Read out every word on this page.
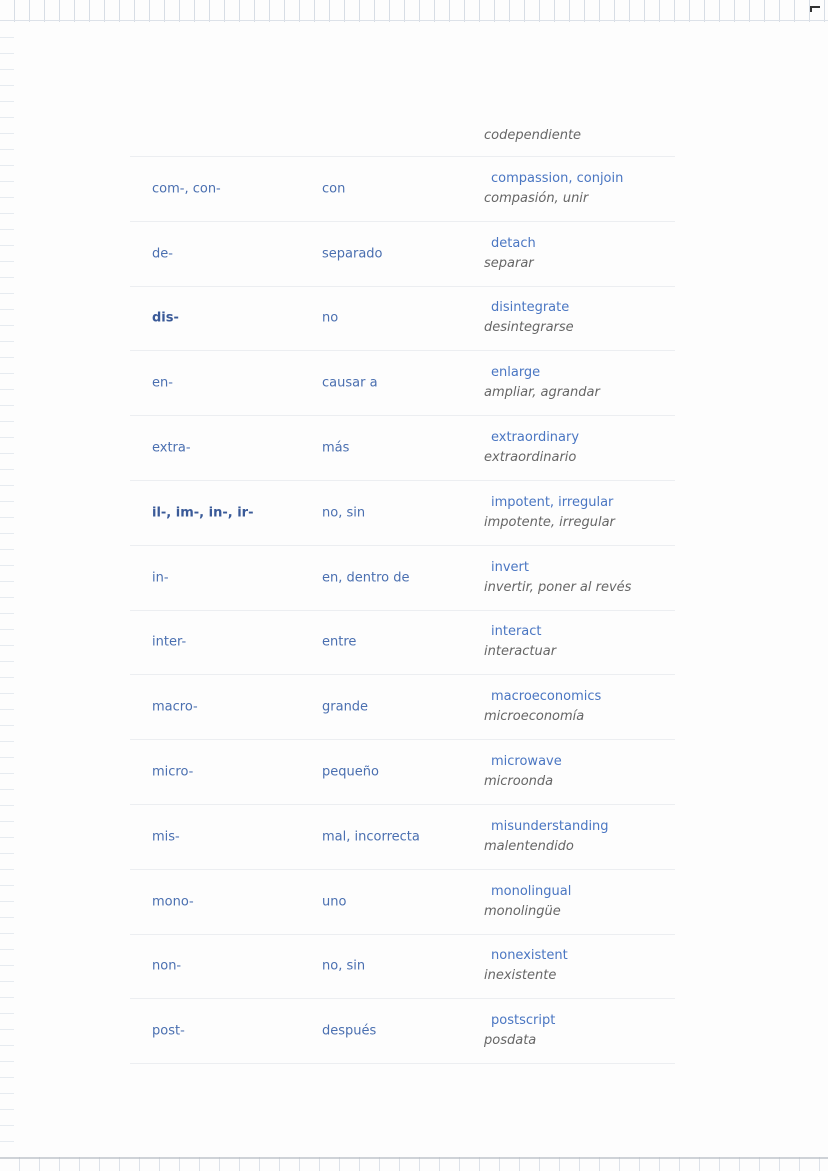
codependiente
com-, con-	con
compassion, conjoin
compasión, unir
de-	separado
detach
separar
dis-	no
disintegrate
desintegrarse
en-	causar a
enlarge
ampliar, agrandar
extra-	más
extraordinary
extraordinario
il-, im-, in-, ir-	no, sin
impotent, irregular
impotente, irregular
in-	en, dentro de
invert
invertir, poner al revés
inter-	entre
interact
interactuar
macro-	grande
macroeconomics
microeconomía
micro-	pequeño
microwave
microonda
mis-	mal, incorrecta
misunderstanding
malentendido
mono-	uno
monolingual
monolingüe
non-	no, sin
nonexistent
inexistente
post-	después
postscript
posdata
